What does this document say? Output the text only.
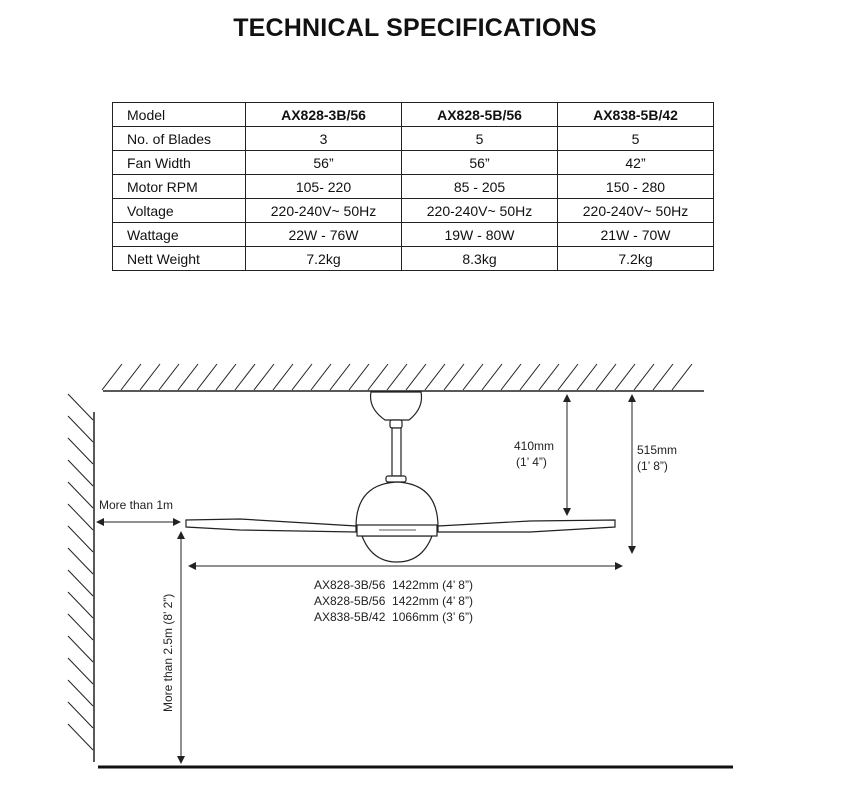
TECHNICAL SPECIFICATIONS
Model	AX828-3B/56	AX828-5B/56	AX838-5B/42
No. of Blades	3	5	5
Fan Width	56”	56”	42”
Motor RPM	105- 220	85 - 205	150 - 280
Voltage	220-240V~ 50Hz	220-240V~ 50Hz	220-240V~ 50Hz
Wattage	22W - 76W	19W - 80W	21W - 70W
Nett Weight	7.2kg	8.3kg	7.2kg
410mm
(1’ 4”)
515mm
(1’ 8”)
More than 1m
More than 2.5m (8’ 2”)
AX828-3B/56  1422mm (4’ 8”)
AX828-5B/56  1422mm (4’ 8”)
AX838-5B/42  1066mm (3’ 6”)
